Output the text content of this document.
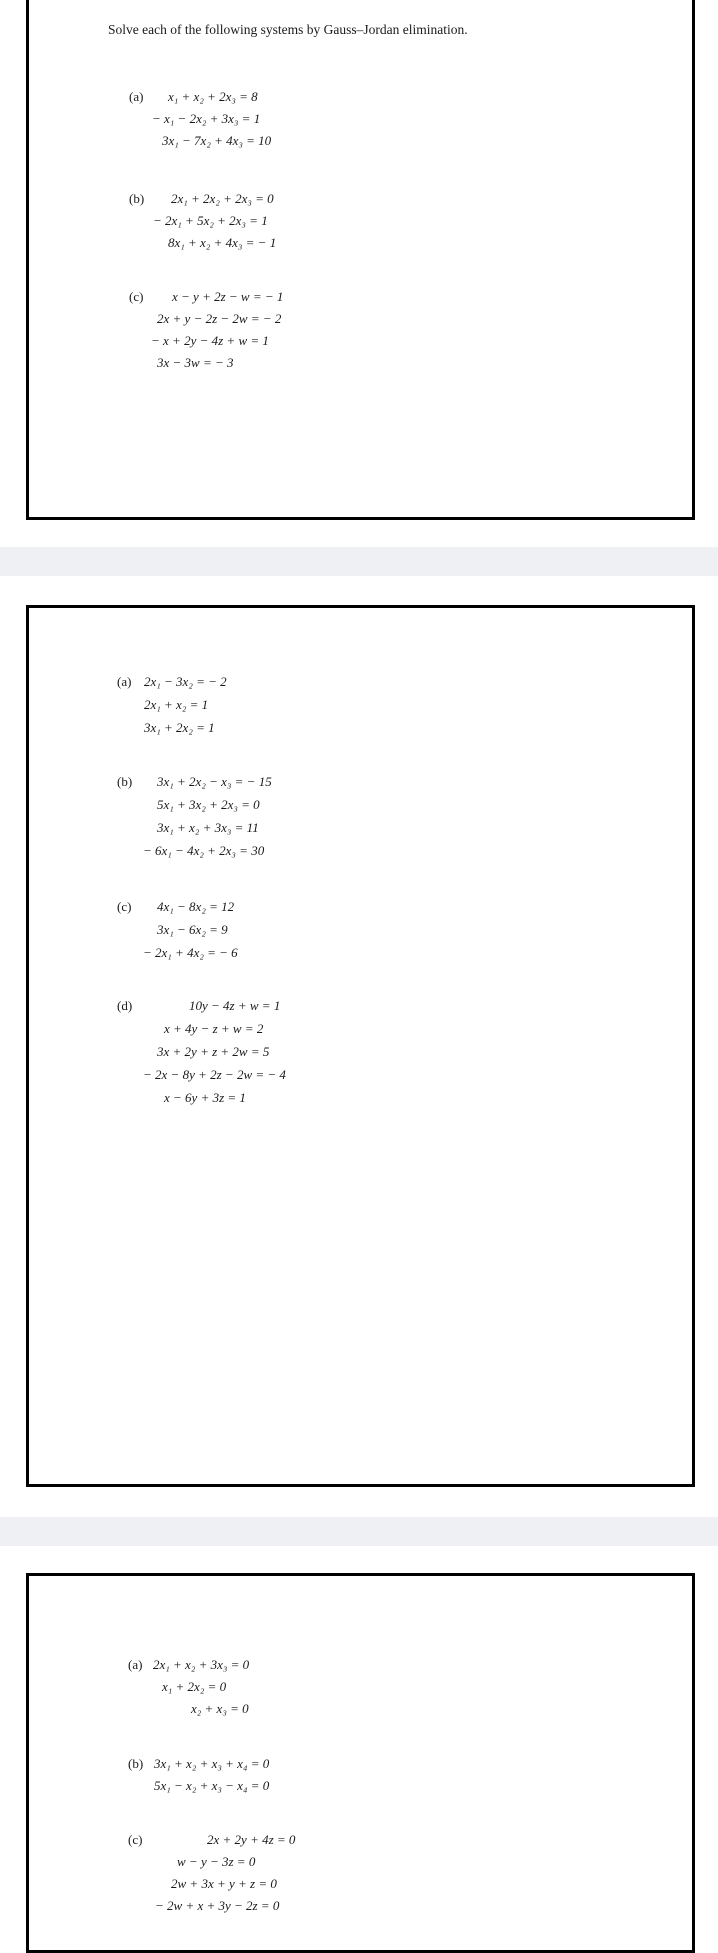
Solve each of the following systems by Gauss–Jordan elimination.
(a) x₁ + x₂ + 2x₃ = 8
− x₁ − 2x₂ + 3x₃ = 1
3x₁ − 7x₂ + 4x₃ = 10
(b) 2x₁ + 2x₂ + 2x₃ = 0
− 2x₁ + 5x₂ + 2x₃ = 1
8x₁ + x₂ + 4x₃ = − 1
(c) x − y + 2z − w = − 1
2x + y − 2z − 2w = − 2
− x + 2y − 4z + w = 1
3x − 3w = − 3
(a) 2x₁ − 3x₂ = − 2
2x₁ + x₂ = 1
3x₁ + 2x₂ = 1
(b) 3x₁ + 2x₂ − x₃ = − 15
5x₁ + 3x₂ + 2x₃ = 0
3x₁ + x₂ + 3x₃ = 11
− 6x₁ − 4x₂ + 2x₃ = 30
(c) 4x₁ − 8x₂ = 12
3x₁ − 6x₂ = 9
− 2x₁ + 4x₂ = − 6
(d)	10y − 4z + w = 1
x + 4y − z + w = 2
3x + 2y + z + 2w = 5
− 2x − 8y + 2z − 2w = − 4
x − 6y + 3z = 1
(a) 2x₁ + x₂ + 3x₃ = 0
x₁ + 2x₂ = 0
x₂ + x₃ = 0
(b) 3x₁ + x₂ + x₃ + x₄ = 0
5x₁ − x₂ + x₃ − x₄ = 0
(c)	2x + 2y + 4z = 0
w − y − 3z = 0
2w + 3x + y + z = 0
− 2w + x + 3y − 2z = 0
